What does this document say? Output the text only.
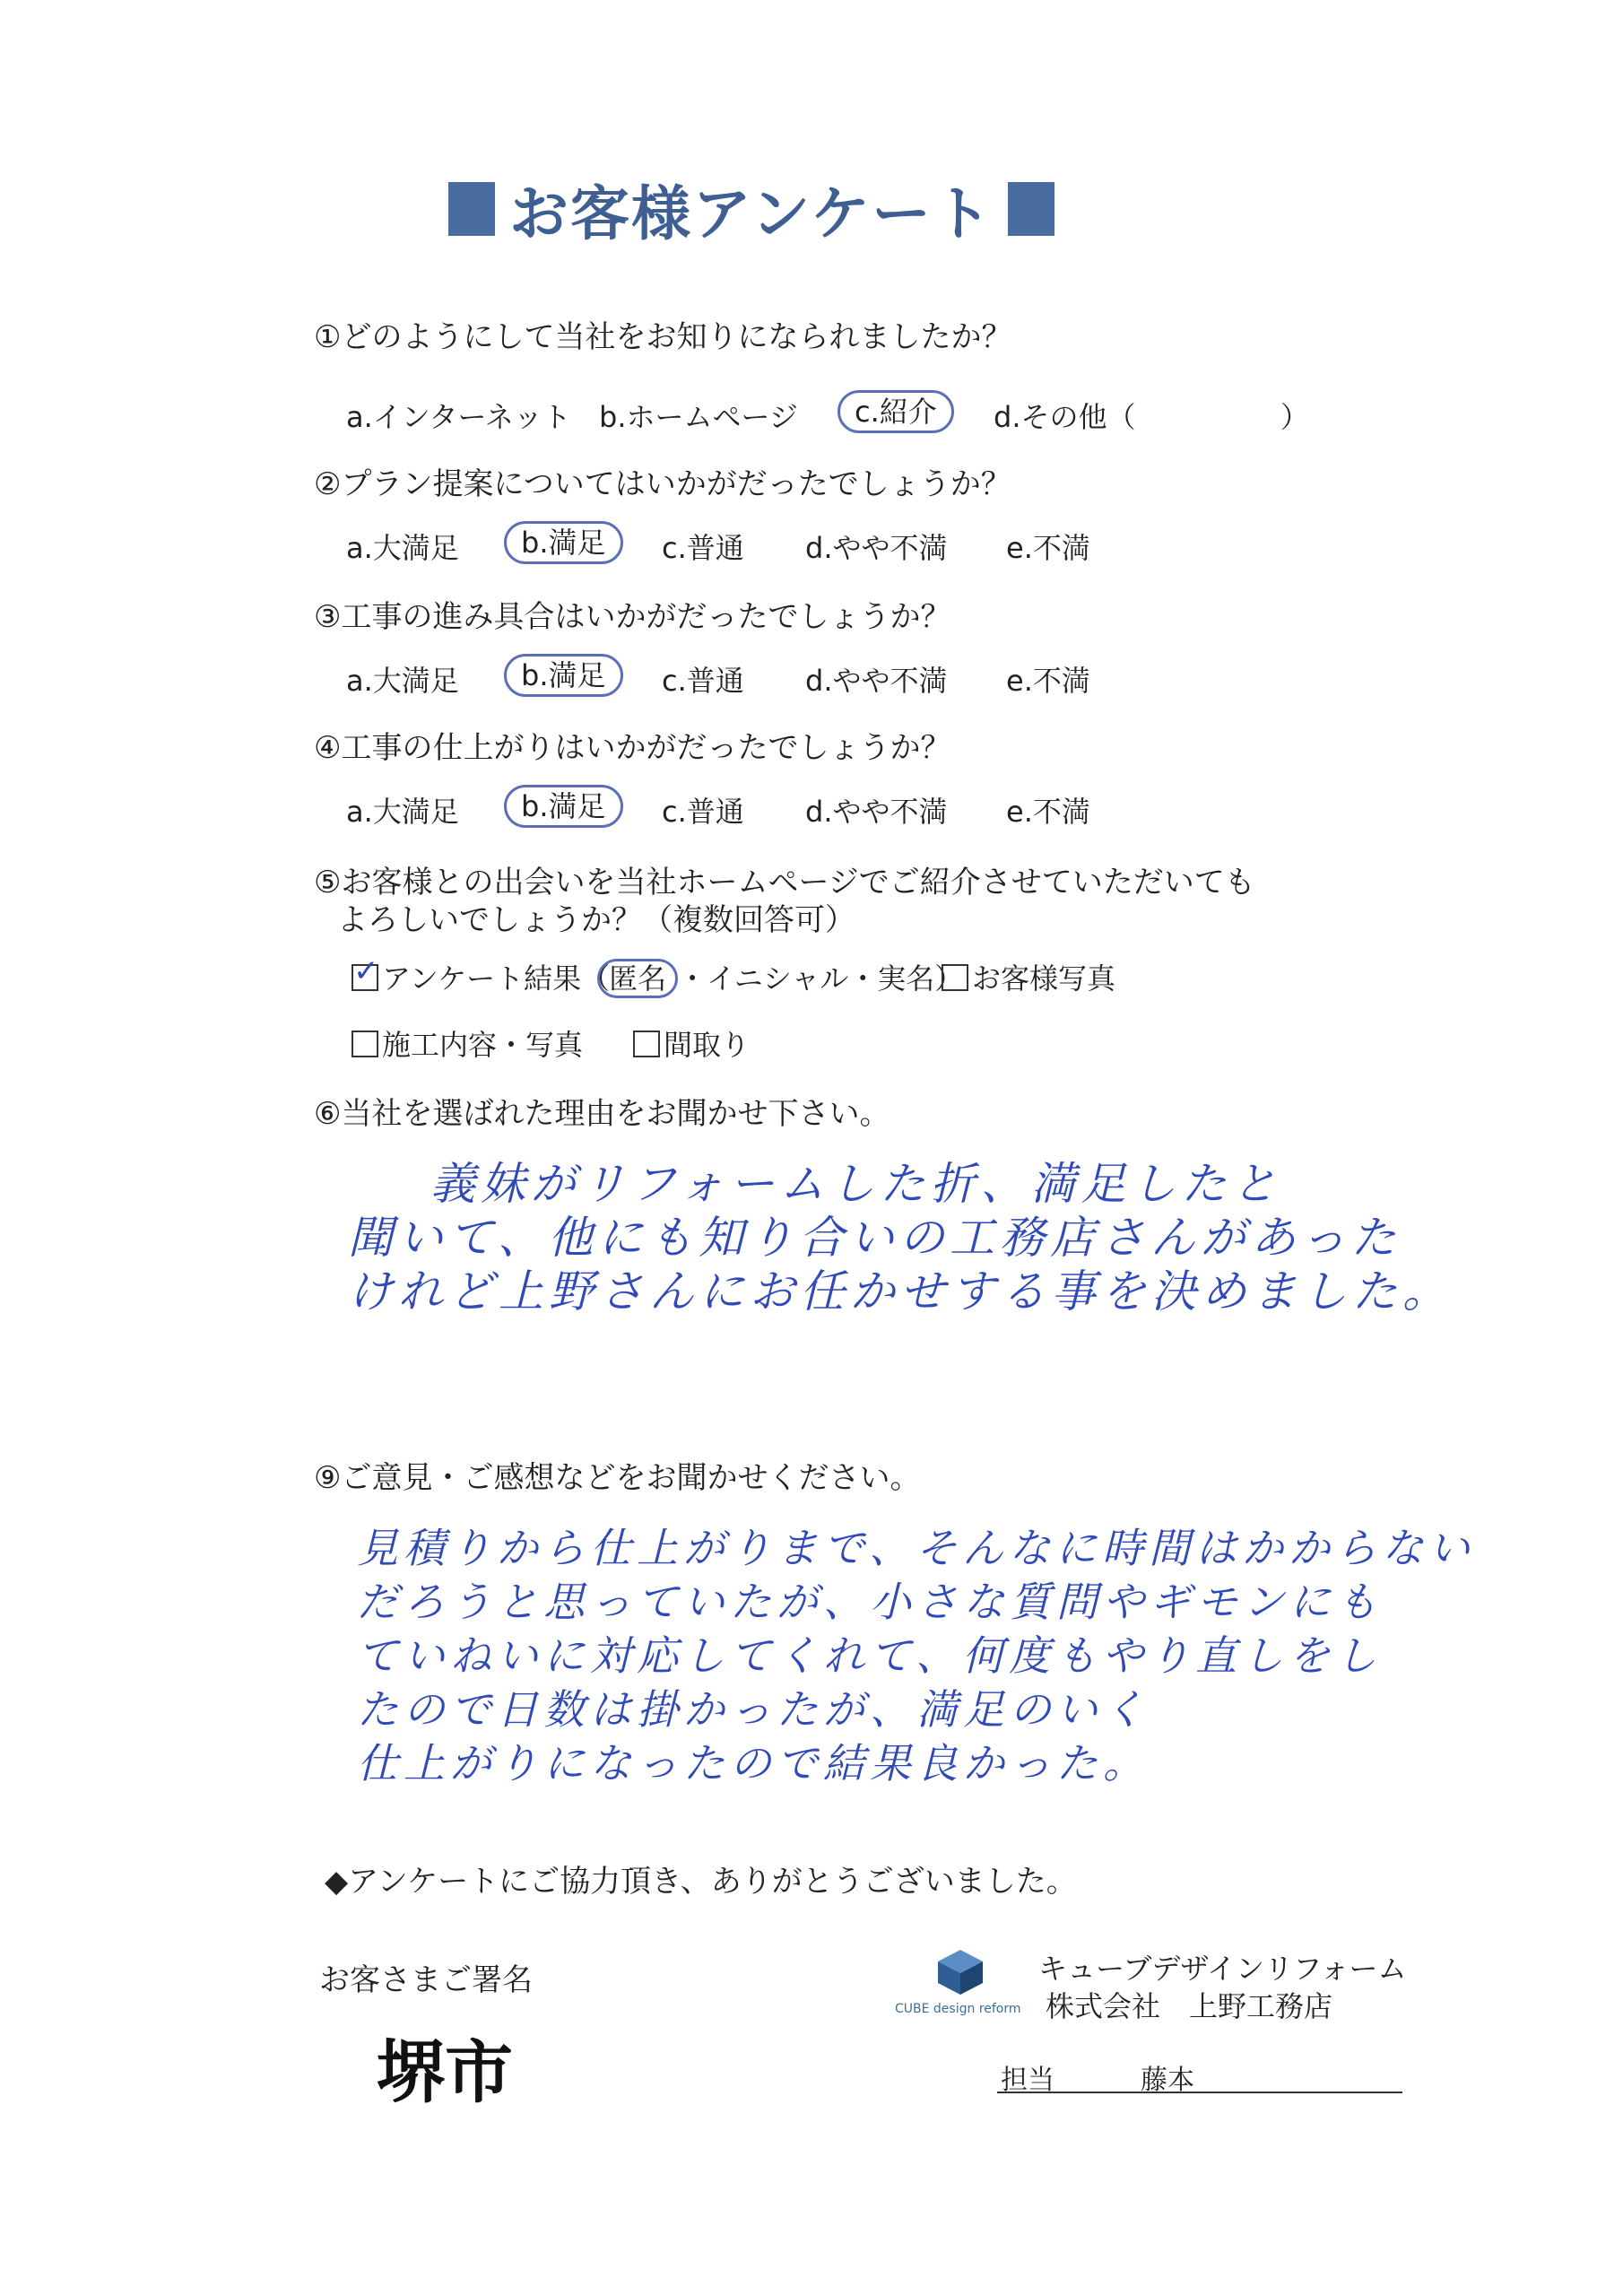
お客様アンケート
①どのようにして当社をお知りになられましたか？
a.インターネット b.ホームページ c.紹介	d.その他（	）
②プラン提案についてはいかがだったでしょうか？
a.大満足 b.満足	c.普通 d.やや不満 e.不満
③工事の進み具合はいかがだったでしょうか？
a.大満足 b.満足	c.普通 d.やや不満 e.不満
④工事の仕上がりはいかがだったでしょうか？
a.大満足 b.満足	c.普通 d.やや不満 e.不満
⑤お客様との出会いを当社ホームページでご紹介させていただいても
よろしいでしょうか？（複数回答可）
✓ アンケート結果（匿名 ・イニシャル・実名） お客様写真
施工内容・写真	間取り
⑥当社を選ばれた理由をお聞かせ下さい。
義妹がリフォームした折、満足したと
聞いて、他にも知り合いの工務店さんがあった
けれど上野さんにお任かせする事を決めました。
⑨ご意見・ご感想などをお聞かせください。
見積りから仕上がりまで、そんなに時間はかからない
だろうと思っていたが、小さな質問やギモンにも
ていねいに対応してくれて、何度もやり直しをし
たので日数は掛かったが、満足のいく
仕上がりになったので結果良かった。
◆アンケートにご協力頂き、ありがとうございました。
お客さまご署名
堺市
CUBE design reform
キューブデザインリフォーム
株式会社　上野工務店
担当	藤本
